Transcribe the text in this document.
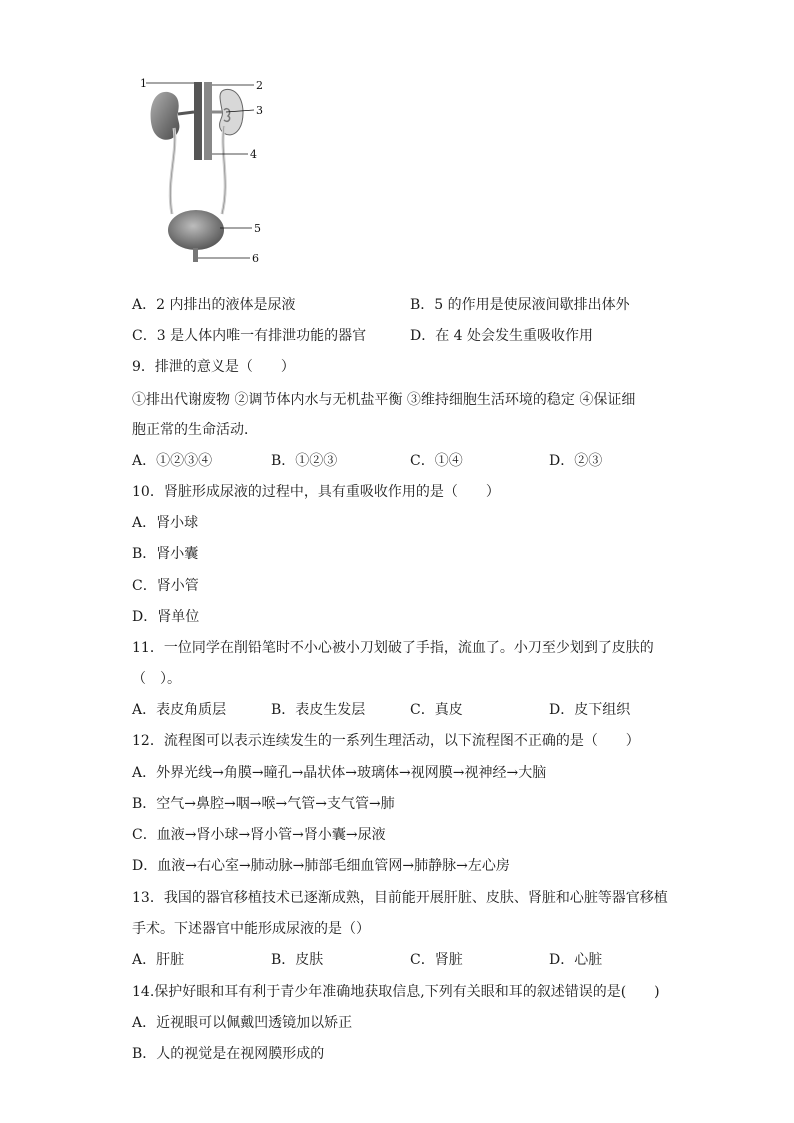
1	2
3
4
5
6
A．2 内排出的液体是尿液	B．5 的作用是使尿液间歇排出体外
C．3 是人体内唯一有排泄功能的器官	D．在 4 处会发生重吸收作用
9．排泄的意义是（　　）
①排出代谢废物 ②调节体内水与无机盐平衡 ③维持细胞生活环境的稳定 ④保证细
胞正常的生命活动．
A．①②③④	B．①②③	C．①④	D．②③
10．肾脏形成尿液的过程中，具有重吸收作用的是（　　）
A．肾小球
B．肾小囊
C．肾小管
D．肾单位
11．一位同学在削铅笔时不小心被小刀划破了手指，流血了。小刀至少划到了皮肤的
（　）。
A．表皮角质层	B．表皮生发层	C．真皮	D．皮下组织
12．流程图可以表示连续发生的一系列生理活动，以下流程图不正确的是（　　）
A．外界光线→角膜→瞳孔→晶状体→玻璃体→视网膜→视神经→大脑
B．空气→鼻腔→咽→喉→气管→支气管→肺
C．血液→肾小球→肾小管→肾小囊→尿液
D．血液→右心室→肺动脉→肺部毛细血管网→肺静脉→左心房
13．我国的器官移植技术已逐渐成熟，目前能开展肝脏、皮肤、肾脏和心脏等器官移植
手术。下述器官中能形成尿液的是（）
A．肝脏	B．皮肤	C．肾脏	D．心脏
14.保护好眼和耳有利于青少年准确地获取信息,下列有关眼和耳的叙述错误的是(　　)
A．近视眼可以佩戴凹透镜加以矫正
B．人的视觉是在视网膜形成的
